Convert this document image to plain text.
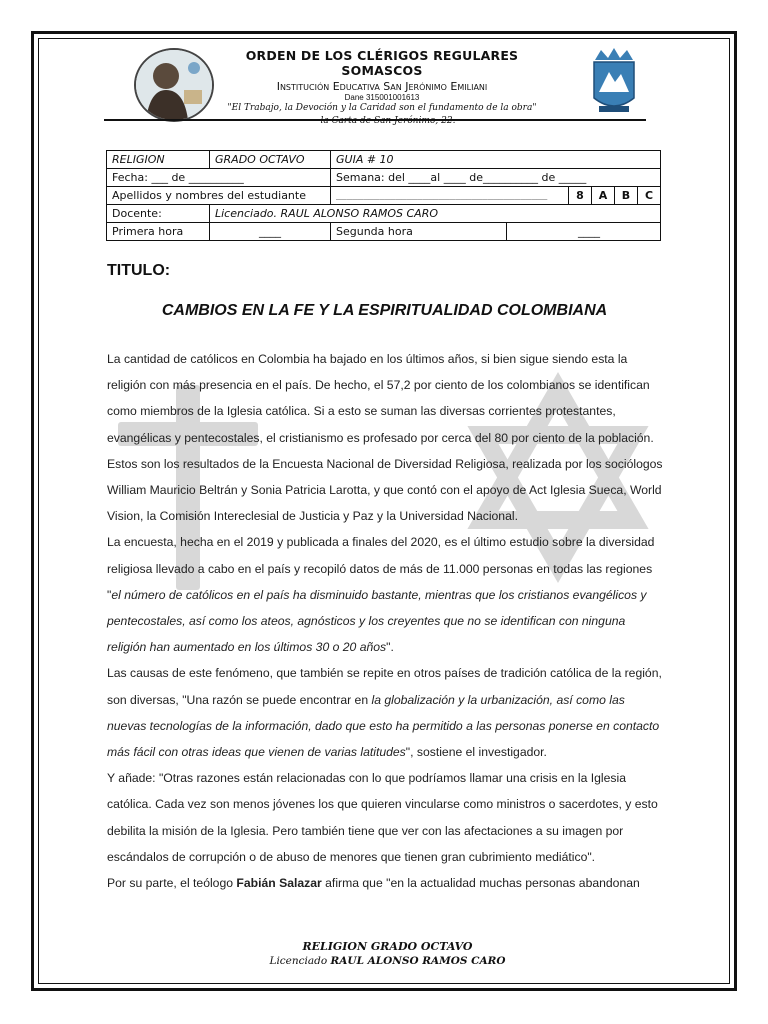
ORDEN DE LOS CLÉRIGOS REGULARES SOMASCOS
Institución Educativa San Jerónimo Emiliani
Dane 315001001613
"El Trabajo, la Devoción y la Caridad son el fundamento de la obra"
la Carta de San Jerónimo, 22.
RELIGION	GRADO OCTAVO	GUIA # 10					
Fecha: ___ de __________		Semana: del ____al ____ de__________ de _____					
Apellidos y nombres del estudiante		_______________________________________		8	A	B	C
Docente:	Licenciado. RAUL ALONSO RAMOS CARO						
Primera hora	____	Segunda hora	____				
TITULO:
CAMBIOS EN LA FE Y LA ESPIRITUALIDAD COLOMBIANA

La cantidad de católicos en Colombia ha bajado en los últimos años, si bien sigue siendo esta la religión con más presencia en el país. De hecho, el 57,2 por ciento de los colombianos se identifican como miembros de la Iglesia católica. Si a esto se suman las diversas corrientes protestantes, evangélicas y pentecostales, el cristianismo es profesado por cerca del 80 por ciento de la población.

Estos son los resultados de la Encuesta Nacional de Diversidad Religiosa, realizada por los sociólogos William Mauricio Beltrán y Sonia Patricia Larotta, y que contó con el apoyo de Act Iglesia Sueca, World Vision, la Comisión Intereclesial de Justicia y Paz y la Universidad Nacional.

La encuesta, hecha en el 2019 y publicada a finales del 2020, es el último estudio sobre la diversidad religiosa llevado a cabo en el país y recopiló datos de más de 11.000 personas en todas las regiones "el número de católicos en el país ha disminuido bastante, mientras que los cristianos evangélicos y pentecostales, así como los ateos, agnósticos y los creyentes que no se identifican con ninguna religión han aumentado en los últimos 30 o 20 años".

Las causas de este fenómeno, que también se repite en otros países de tradición católica de la región, son diversas, "Una razón se puede encontrar en la globalización y la urbanización, así como las nuevas tecnologías de la información, dado que esto ha permitido a las personas ponerse en contacto más fácil con otras ideas que vienen de varias latitudes", sostiene el investigador.

Y añade: "Otras razones están relacionadas con lo que podríamos llamar una crisis en la Iglesia católica. Cada vez son menos jóvenes los que quieren vincularse como ministros o sacerdotes, y esto debilita la misión de la Iglesia. Pero también tiene que ver con las afectaciones a su imagen por escándalos de corrupción o de abuso de menores que tienen gran cubrimiento mediático".

Por su parte, el teólogo Fabián Salazar afirma que "en la actualidad muchas personas abandonan

RELIGION GRADO OCTAVO
Licenciado RAUL ALONSO RAMOS CARO
